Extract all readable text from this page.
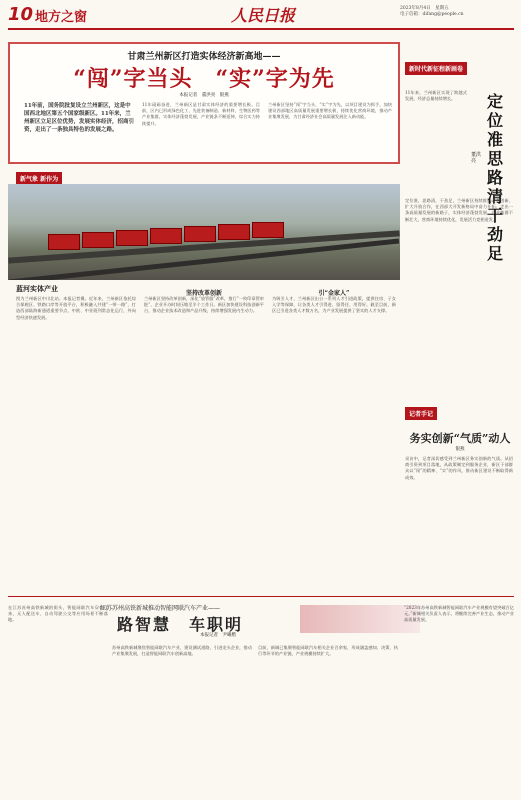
10 地方之窗	人民日报	2023年8月4日　星期五
电子信箱：difang@people.cn
甘肃兰州新区打造实体经济新高地——
“闯”字当头　“实”字为先
本报记者　董洪亮　银燕
11年前，国务院批复设立兰州新区，这是中国西北地区第五个国家级新区。11年来，兰州新区立足区位优势，发展实体经济，招商引资，走出了一条独具特色的发展之路。
11年砥砺奋进，兰州新区是甘肃实体经济的重要增长极。目前，区内已形成绿色化工、先进装备制造、新材料、生物医药等产业集群，实体经济蓬勃发展，产业链条不断延伸，综合实力持续提升。
兰州新区坚持“闯”字当头、“实”字为先，以项目建设为抓手，加快建设西部地区高质量发展重要增长极，持续优化营商环境，推动产业集聚发展，为甘肃经济社会高质量发展注入新动能。
新气象 新作为
蓝河实体产业
图为兰州新区中川北站。本报记者摄。近年来，兰州新区依托综合保税区、铁路口岸等开放平台，积极融入共建“一带一路”，打造西部陆海新通道重要节点，中欧、中亚班列常态化运行，外向型经济快速发展。
坚持改革创新
兰州新区坚持改革创新，深化“放管服”改革，推行“一枚印章管审批”，企业开办时间压缩至半个工作日。新区加快建设科技创新平台，推动企业技术改造和产品升级，持续增强发展内生动力。
引“金家人”
为吸引人才，兰州新区出台一系列人才引进政策，提供住房、子女入学等保障，让各类人才引得进、留得住、用得好。截至目前，新区已引进各类人才数万名，为产业发展提供了坚实的人才支撑。
新时代新征程新画卷
11年来，兰州新区实现了跨越式发展，经济总量持续增长。	定位准思路清干劲足
董洪亮
定位准，思路清，干劲足，兰州新区持续推进改革创新、扩大开放合作，在西部大开发新格局中奋力开拓，走出一条高质量发展的新路子，实体经济蓬勃发展，产业集群不断壮大，营商环境持续优化，发展活力竞相迸发。
记者手记
务实创新“气质”动人
银燕
采访中，记者深切感受到兰州新区务实创新的气质。从招商引资到项目落地，从政策制定到服务企业，新区干部群众以“闯”的精神、“实”的作风，推动新区建设不断取得新成效。
在江苏苏州高铁新城的街头，智能网联汽车穿梭往来，无人配送车、自动驾驶公交等应用场景不断落地。
江苏苏州高铁新城推动智能网联汽车产业——
路智慧　车职明
本报记者　尹曦楷
苏州高铁新城聚焦智能网联汽车产业，建设测试道路，引进龙头企业，推动产业集聚发展，打造智能网联汽车创新高地。
目前，新城已集聚智能网联汽车相关企业百余家，形成涵盖感知、决策、执行等环节的产业链，产业规模持续扩大。
“2023年苏州高铁新城智能网联汽车产业规模有望突破百亿元。”新城相关负责人表示，将继续完善产业生态，推动产业高质量发展。
